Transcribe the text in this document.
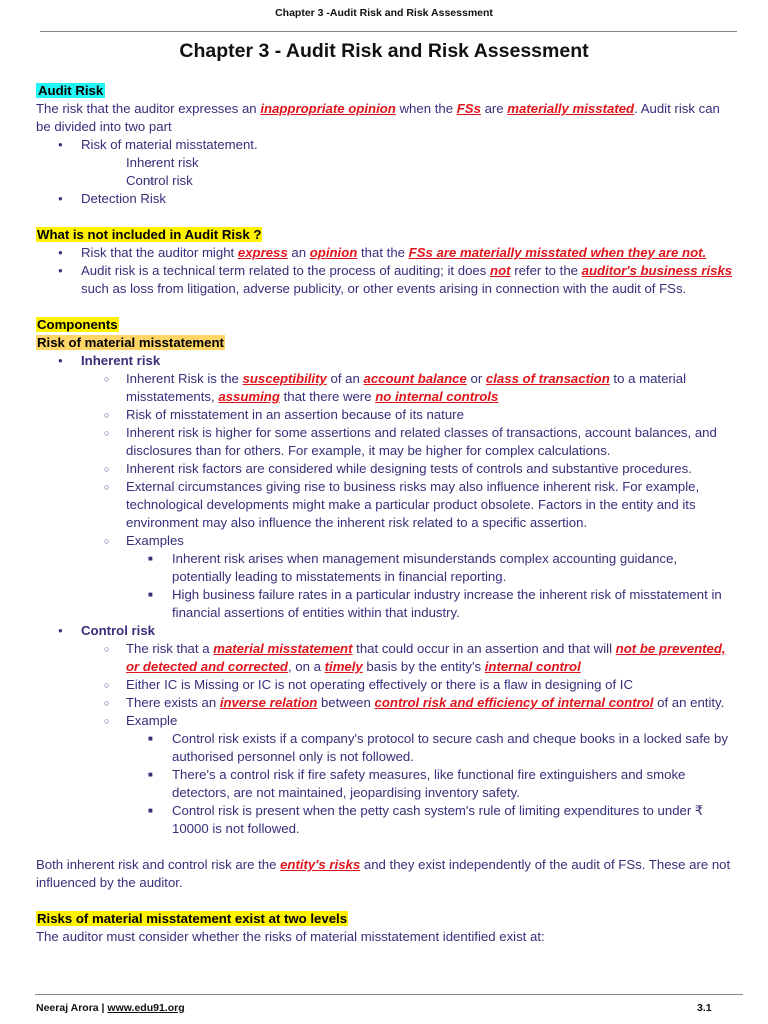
Chapter 3 -Audit Risk and Risk Assessment
Chapter 3 - Audit Risk and Risk Assessment

Audit Risk

The risk that the auditor expresses an inappropriate opinion when the FSs are materially misstated. Audit risk can be divided into two part

● Risk of material misstatement.
○ Inherent risk
○ Control risk
● Detection Risk

What is not included in Audit Risk ?

● Risk that the auditor might express an opinion that the FSs are materially misstated when they are not.
● Audit risk is a technical term related to the process of auditing; it does not refer to the auditor's business risks such as loss from litigation, adverse publicity, or other events arising in connection with the audit of FSs.

Components

Risk of material misstatement

● Inherent risk
○ Inherent Risk is the susceptibility of an account balance or class of transaction to a material misstatements, assuming that there were no internal controls
○ Risk of misstatement in an assertion because of its nature
○ Inherent risk is higher for some assertions and related classes of transactions, account balances, and disclosures than for others. For example, it may be higher for complex calculations.
○ Inherent risk factors are considered while designing tests of controls and substantive procedures.
○ External circumstances giving rise to business risks may also influence inherent risk. For example, technological developments might make a particular product obsolete. Factors in the entity and its environment may also influence the inherent risk related to a specific assertion.
○ Examples
■ Inherent risk arises when management misunderstands complex accounting guidance, potentially leading to misstatements in financial reporting.
■ High business failure rates in a particular industry increase the inherent risk of misstatement in financial assertions of entities within that industry.
● Control risk
○ The risk that a material misstatement that could occur in an assertion and that will not be prevented, or detected and corrected, on a timely basis by the entity's internal control
○ Either IC is Missing or IC is not operating effectively or there is a flaw in designing of IC
○ There exists an inverse relation between control risk and efficiency of internal control of an entity.
○ Example
■ Control risk exists if a company's protocol to secure cash and cheque books in a locked safe by authorised personnel only is not followed.
■ There's a control risk if fire safety measures, like functional fire extinguishers and smoke detectors, are not maintained, jeopardising inventory safety.
■ Control risk is present when the petty cash system's rule of limiting expenditures to under ₹ 10000 is not followed.

Both inherent risk and control risk are the entity's risks and they exist independently of the audit of FSs. These are not influenced by the auditor.

Risks of material misstatement exist at two levels

The auditor must consider whether the risks of material misstatement identified exist at:

Neeraj Arora | www.edu91.org	3.1
